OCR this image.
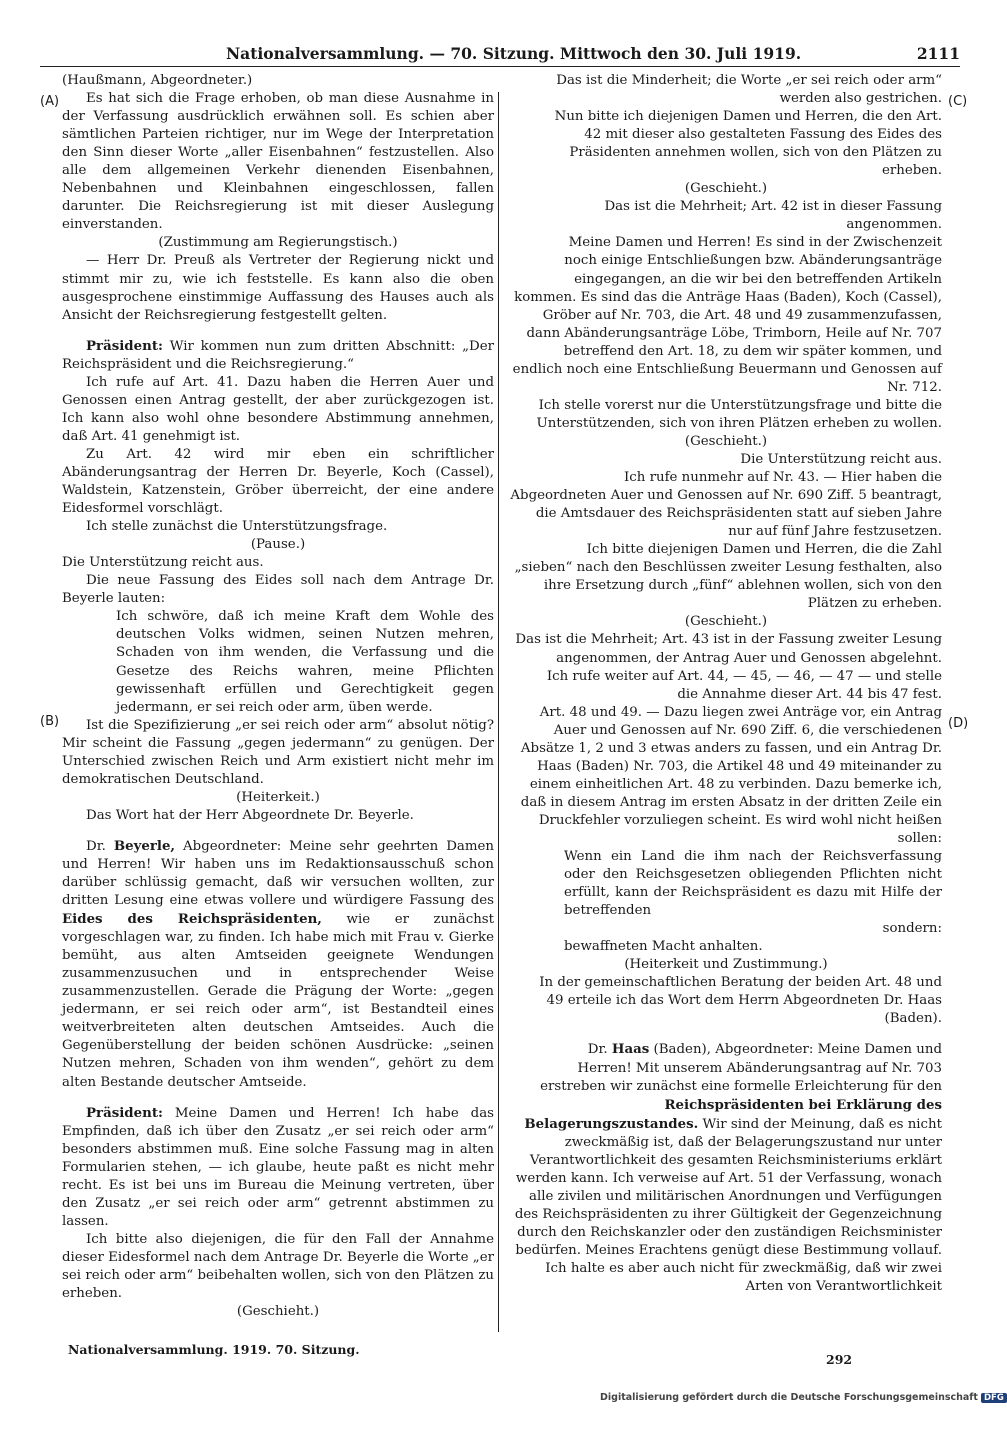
Nationalversammlung. — 70. Sitzung. Mittwoch den 30. Juli 1919.	2111
(A)
(B)
(C)
(D)

(Haußmann, Abgeordneter.)

Es hat sich die Frage erhoben, ob man diese Ausnahme in der Verfassung ausdrücklich erwähnen soll. Es schien aber sämtlichen Parteien richtiger, nur im Wege der Interpretation den Sinn dieser Worte „aller Eisenbahnen“ festzustellen. Also alle dem allgemeinen Verkehr dienenden Eisenbahnen, Nebenbahnen und Kleinbahnen eingeschlossen, fallen darunter. Die Reichsregierung ist mit dieser Auslegung einverstanden.

(Zustimmung am Regierungstisch.)

— Herr Dr. Preuß als Vertreter der Regierung nickt und stimmt mir zu, wie ich feststelle. Es kann also die oben ausgesprochene einstimmige Auffassung des Hauses auch als Ansicht der Reichsregierung festgestellt gelten.

Präsident: Wir kommen nun zum dritten Abschnitt: „Der Reichspräsident und die Reichsregierung.“

Ich rufe auf Art. 41. Dazu haben die Herren Auer und Genossen einen Antrag gestellt, der aber zurückgezogen ist. Ich kann also wohl ohne besondere Abstimmung annehmen, daß Art. 41 genehmigt ist.

Zu Art. 42 wird mir eben ein schriftlicher Abänderungsantrag der Herren Dr. Beyerle, Koch (Cassel), Waldstein, Katzenstein, Gröber überreicht, der eine andere Eidesformel vorschlägt.

Ich stelle zunächst die Unterstützungsfrage.

(Pause.)

Die Unterstützung reicht aus.

Die neue Fassung des Eides soll nach dem Antrage Dr. Beyerle lauten:

Ich schwöre, daß ich meine Kraft dem Wohle des deutschen Volks widmen, seinen Nutzen mehren, Schaden von ihm wenden, die Verfassung und die Gesetze des Reichs wahren, meine Pflichten gewissenhaft erfüllen und Gerechtigkeit gegen jedermann, er sei reich oder arm, üben werde.

Ist die Spezifizierung „er sei reich oder arm“ absolut nötig? Mir scheint die Fassung „gegen jedermann“ zu genügen. Der Unterschied zwischen Reich und Arm existiert nicht mehr im demokratischen Deutschland.

(Heiterkeit.)

Das Wort hat der Herr Abgeordnete Dr. Beyerle.

Dr. Beyerle, Abgeordneter: Meine sehr geehrten Damen und Herren! Wir haben uns im Redaktionsausschuß schon darüber schlüssig gemacht, daß wir versuchen wollten, zur dritten Lesung eine etwas vollere und würdigere Fassung des Eides des Reichspräsidenten, wie er zunächst vorgeschlagen war, zu finden. Ich habe mich mit Frau v. Gierke bemüht, aus alten Amtseiden geeignete Wendungen zusammenzusuchen und in entsprechender Weise zusammenzustellen. Gerade die Prägung der Worte: „gegen jedermann, er sei reich oder arm“, ist Bestandteil eines weitverbreiteten alten deutschen Amtseides. Auch die Gegenüberstellung der beiden schönen Ausdrücke: „seinen Nutzen mehren, Schaden von ihm wenden“, gehört zu dem alten Bestande deutscher Amtseide.

Präsident: Meine Damen und Herren! Ich habe das Empfinden, daß ich über den Zusatz „er sei reich oder arm“ besonders abstimmen muß. Eine solche Fassung mag in alten Formularien stehen, — ich glaube, heute paßt es nicht mehr recht. Es ist bei uns im Bureau die Meinung vertreten, über den Zusatz „er sei reich oder arm“ getrennt abstimmen zu lassen.

Ich bitte also diejenigen, die für den Fall der Annahme dieser Eidesformel nach dem Antrage Dr. Beyerle die Worte „er sei reich oder arm“ beibehalten wollen, sich von den Plätzen zu erheben.

(Geschieht.)

Das ist die Minderheit; die Worte „er sei reich oder arm“ werden also gestrichen.

Nun bitte ich diejenigen Damen und Herren, die den Art. 42 mit dieser also gestalteten Fassung des Eides des Präsidenten annehmen wollen, sich von den Plätzen zu erheben.

(Geschieht.)

Das ist die Mehrheit; Art. 42 ist in dieser Fassung angenommen.

Meine Damen und Herren! Es sind in der Zwischenzeit noch einige Entschließungen bzw. Abänderungsanträge eingegangen, an die wir bei den betreffenden Artikeln kommen. Es sind das die Anträge Haas (Baden), Koch (Cassel), Gröber auf Nr. 703, die Art. 48 und 49 zusammenzufassen, dann Abänderungsanträge Löbe, Trimborn, Heile auf Nr. 707 betreffend den Art. 18, zu dem wir später kommen, und endlich noch eine Entschließung Beuermann und Genossen auf Nr. 712.

Ich stelle vorerst nur die Unterstützungsfrage und bitte die Unterstützenden, sich von ihren Plätzen erheben zu wollen.

(Geschieht.)

Die Unterstützung reicht aus.

Ich rufe nunmehr auf Nr. 43. — Hier haben die Abgeordneten Auer und Genossen auf Nr. 690 Ziff. 5 beantragt, die Amtsdauer des Reichspräsidenten statt auf sieben Jahre nur auf fünf Jahre festzusetzen.

Ich bitte diejenigen Damen und Herren, die die Zahl „sieben“ nach den Beschlüssen zweiter Lesung festhalten, also ihre Ersetzung durch „fünf“ ablehnen wollen, sich von den Plätzen zu erheben.

(Geschieht.)

Das ist die Mehrheit; Art. 43 ist in der Fassung zweiter Lesung angenommen, der Antrag Auer und Genossen abgelehnt.

Ich rufe weiter auf Art. 44, — 45, — 46, — 47 — und stelle die Annahme dieser Art. 44 bis 47 fest.

Art. 48 und 49. — Dazu liegen zwei Anträge vor, ein Antrag Auer und Genossen auf Nr. 690 Ziff. 6, die verschiedenen Absätze 1, 2 und 3 etwas anders zu fassen, und ein Antrag Dr. Haas (Baden) Nr. 703, die Artikel 48 und 49 miteinander zu einem einheitlichen Art. 48 zu verbinden. Dazu bemerke ich, daß in diesem Antrag im ersten Absatz in der dritten Zeile ein Druckfehler vorzuliegen scheint. Es wird wohl nicht heißen sollen:

Wenn ein Land die ihm nach der Reichsverfassung oder den Reichsgesetzen obliegenden Pflichten nicht erfüllt, kann der Reichspräsident es dazu mit Hilfe der betreffenden

sondern:

bewaffneten Macht anhalten.

(Heiterkeit und Zustimmung.)

In der gemeinschaftlichen Beratung der beiden Art. 48 und 49 erteile ich das Wort dem Herrn Abgeordneten Dr. Haas (Baden).

Dr. Haas (Baden), Abgeordneter: Meine Damen und Herren! Mit unserem Abänderungsantrag auf Nr. 703 erstreben wir zunächst eine formelle Erleichterung für den Reichspräsidenten bei Erklärung des Belagerungszustandes. Wir sind der Meinung, daß es nicht zweckmäßig ist, daß der Belagerungszustand nur unter Verantwortlichkeit des gesamten Reichsministeriums erklärt werden kann. Ich verweise auf Art. 51 der Verfassung, wonach alle zivilen und militärischen Anordnungen und Verfügungen des Reichspräsidenten zu ihrer Gültigkeit der Gegenzeichnung durch den Reichskanzler oder den zuständigen Reichsminister bedürfen. Meines Erachtens genügt diese Bestimmung vollauf. Ich halte es aber auch nicht für zweckmäßig, daß wir zwei Arten von Verantwortlichkeit

Nationalversammlung. 1919. 70. Sitzung.
292
Digitalisierung gefördert durch die Deutsche Forschungsgemeinschaft DFG
